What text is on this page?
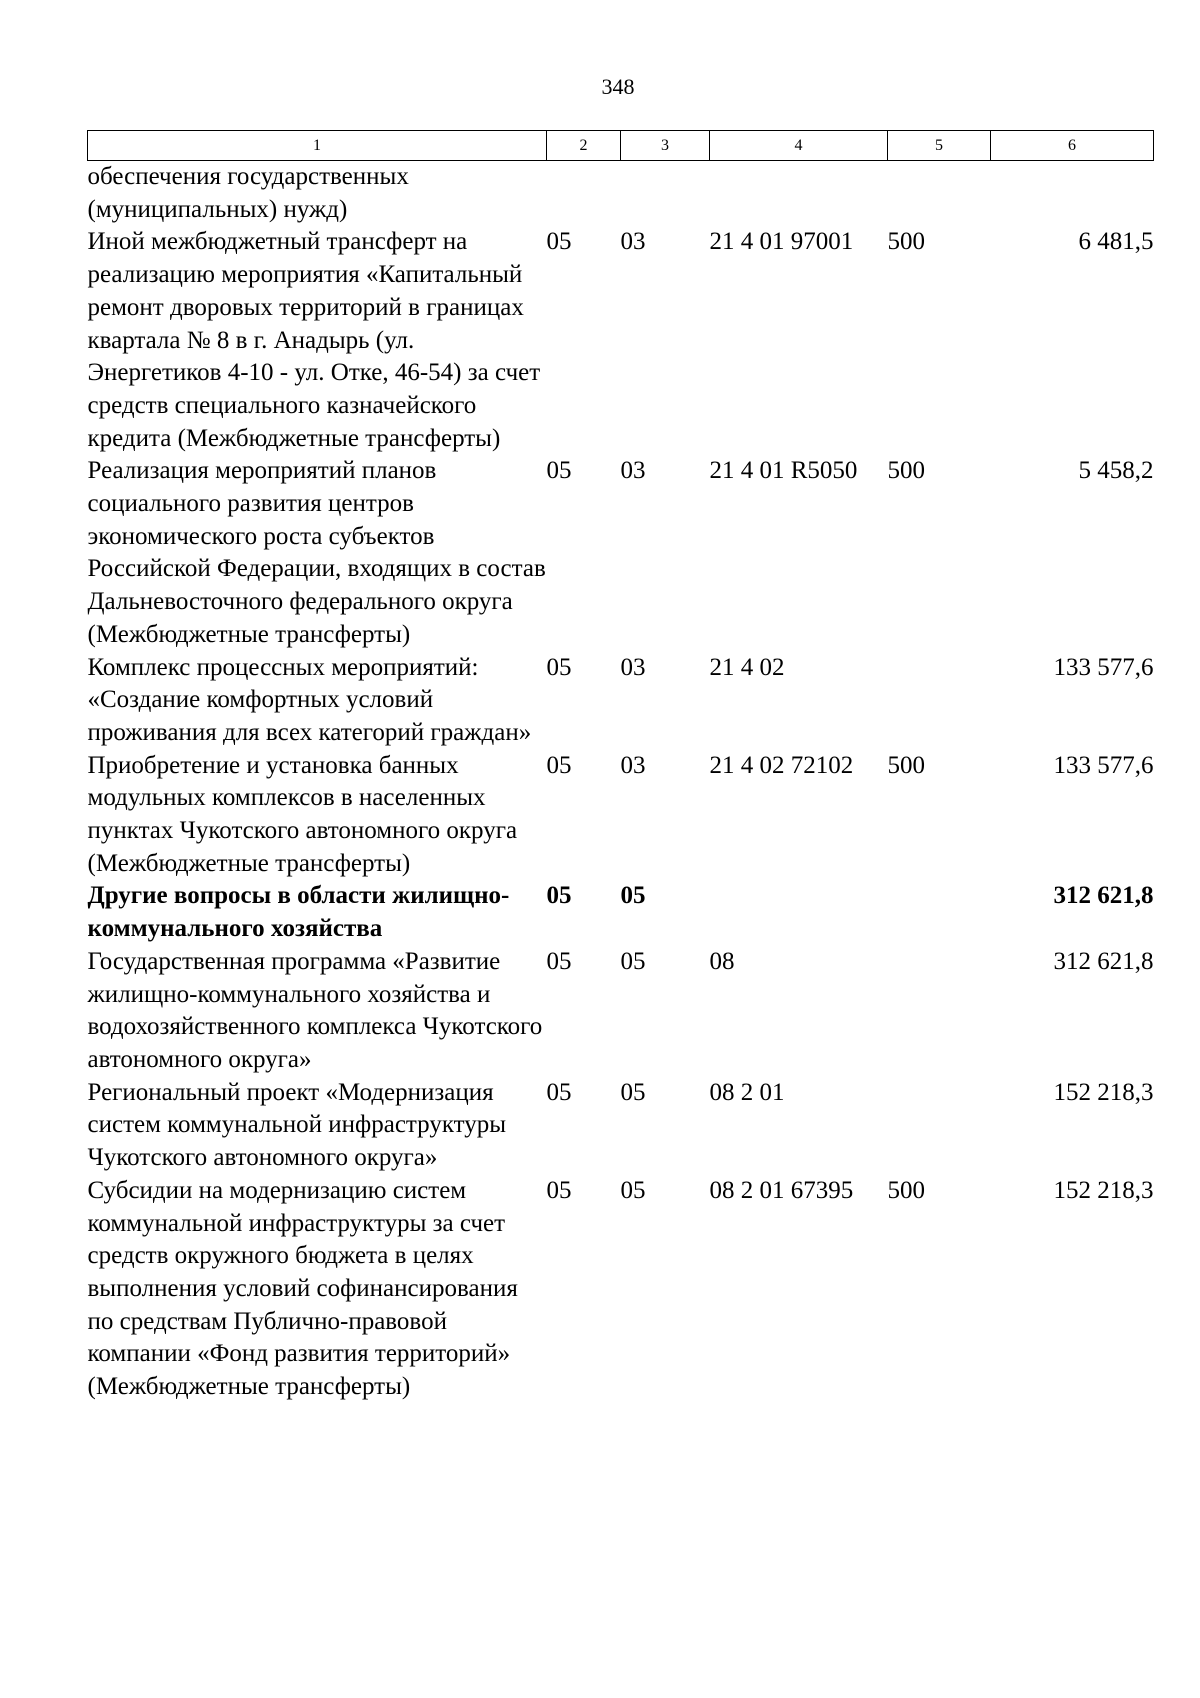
348
1	2	3	4	5	6
обеспечения государственных (муниципальных) нужд)					
Иной межбюджетный трансферт на реализацию мероприятия «Капитальный ремонт дворовых территорий в границах квартала № 8 в г. Анадырь (ул. Энергетиков 4-10 - ул. Отке, 46-54) за счет средств специального казначейского кредита (Межбюджетные трансферты)	05	03	21 4 01 97001	500	6 481,5
Реализация мероприятий планов социального развития центров экономического роста субъектов Российской Федерации, входящих в состав Дальневосточного федерального округа (Межбюджетные трансферты)	05	03	21 4 01 R5050	500	5 458,2
Комплекс процессных мероприятий: «Создание комфортных условий проживания для всех категорий граждан»	05	03	21 4 02		133 577,6
Приобретение и установка банных модульных комплексов в населенных пунктах Чукотского автономного округа (Межбюджетные трансферты)	05	03	21 4 02 72102	500	133 577,6
Другие вопросы в области жилищно-коммунального хозяйства	05	05			312 621,8
Государственная программа «Развитие жилищно-коммунального хозяйства и водохозяйственного комплекса Чукотского автономного округа»	05	05	08		312 621,8
Региональный проект «Модернизация систем коммунальной инфраструктуры Чукотского автономного округа»	05	05	08 2 01		152 218,3
Субсидии на модернизацию систем коммунальной инфраструктуры за счет средств окружного бюджета в целях выполнения условий софинансирования по средствам Публично-правовой компании «Фонд развития территорий» (Межбюджетные трансферты)	05	05	08 2 01 67395	500	152 218,3
